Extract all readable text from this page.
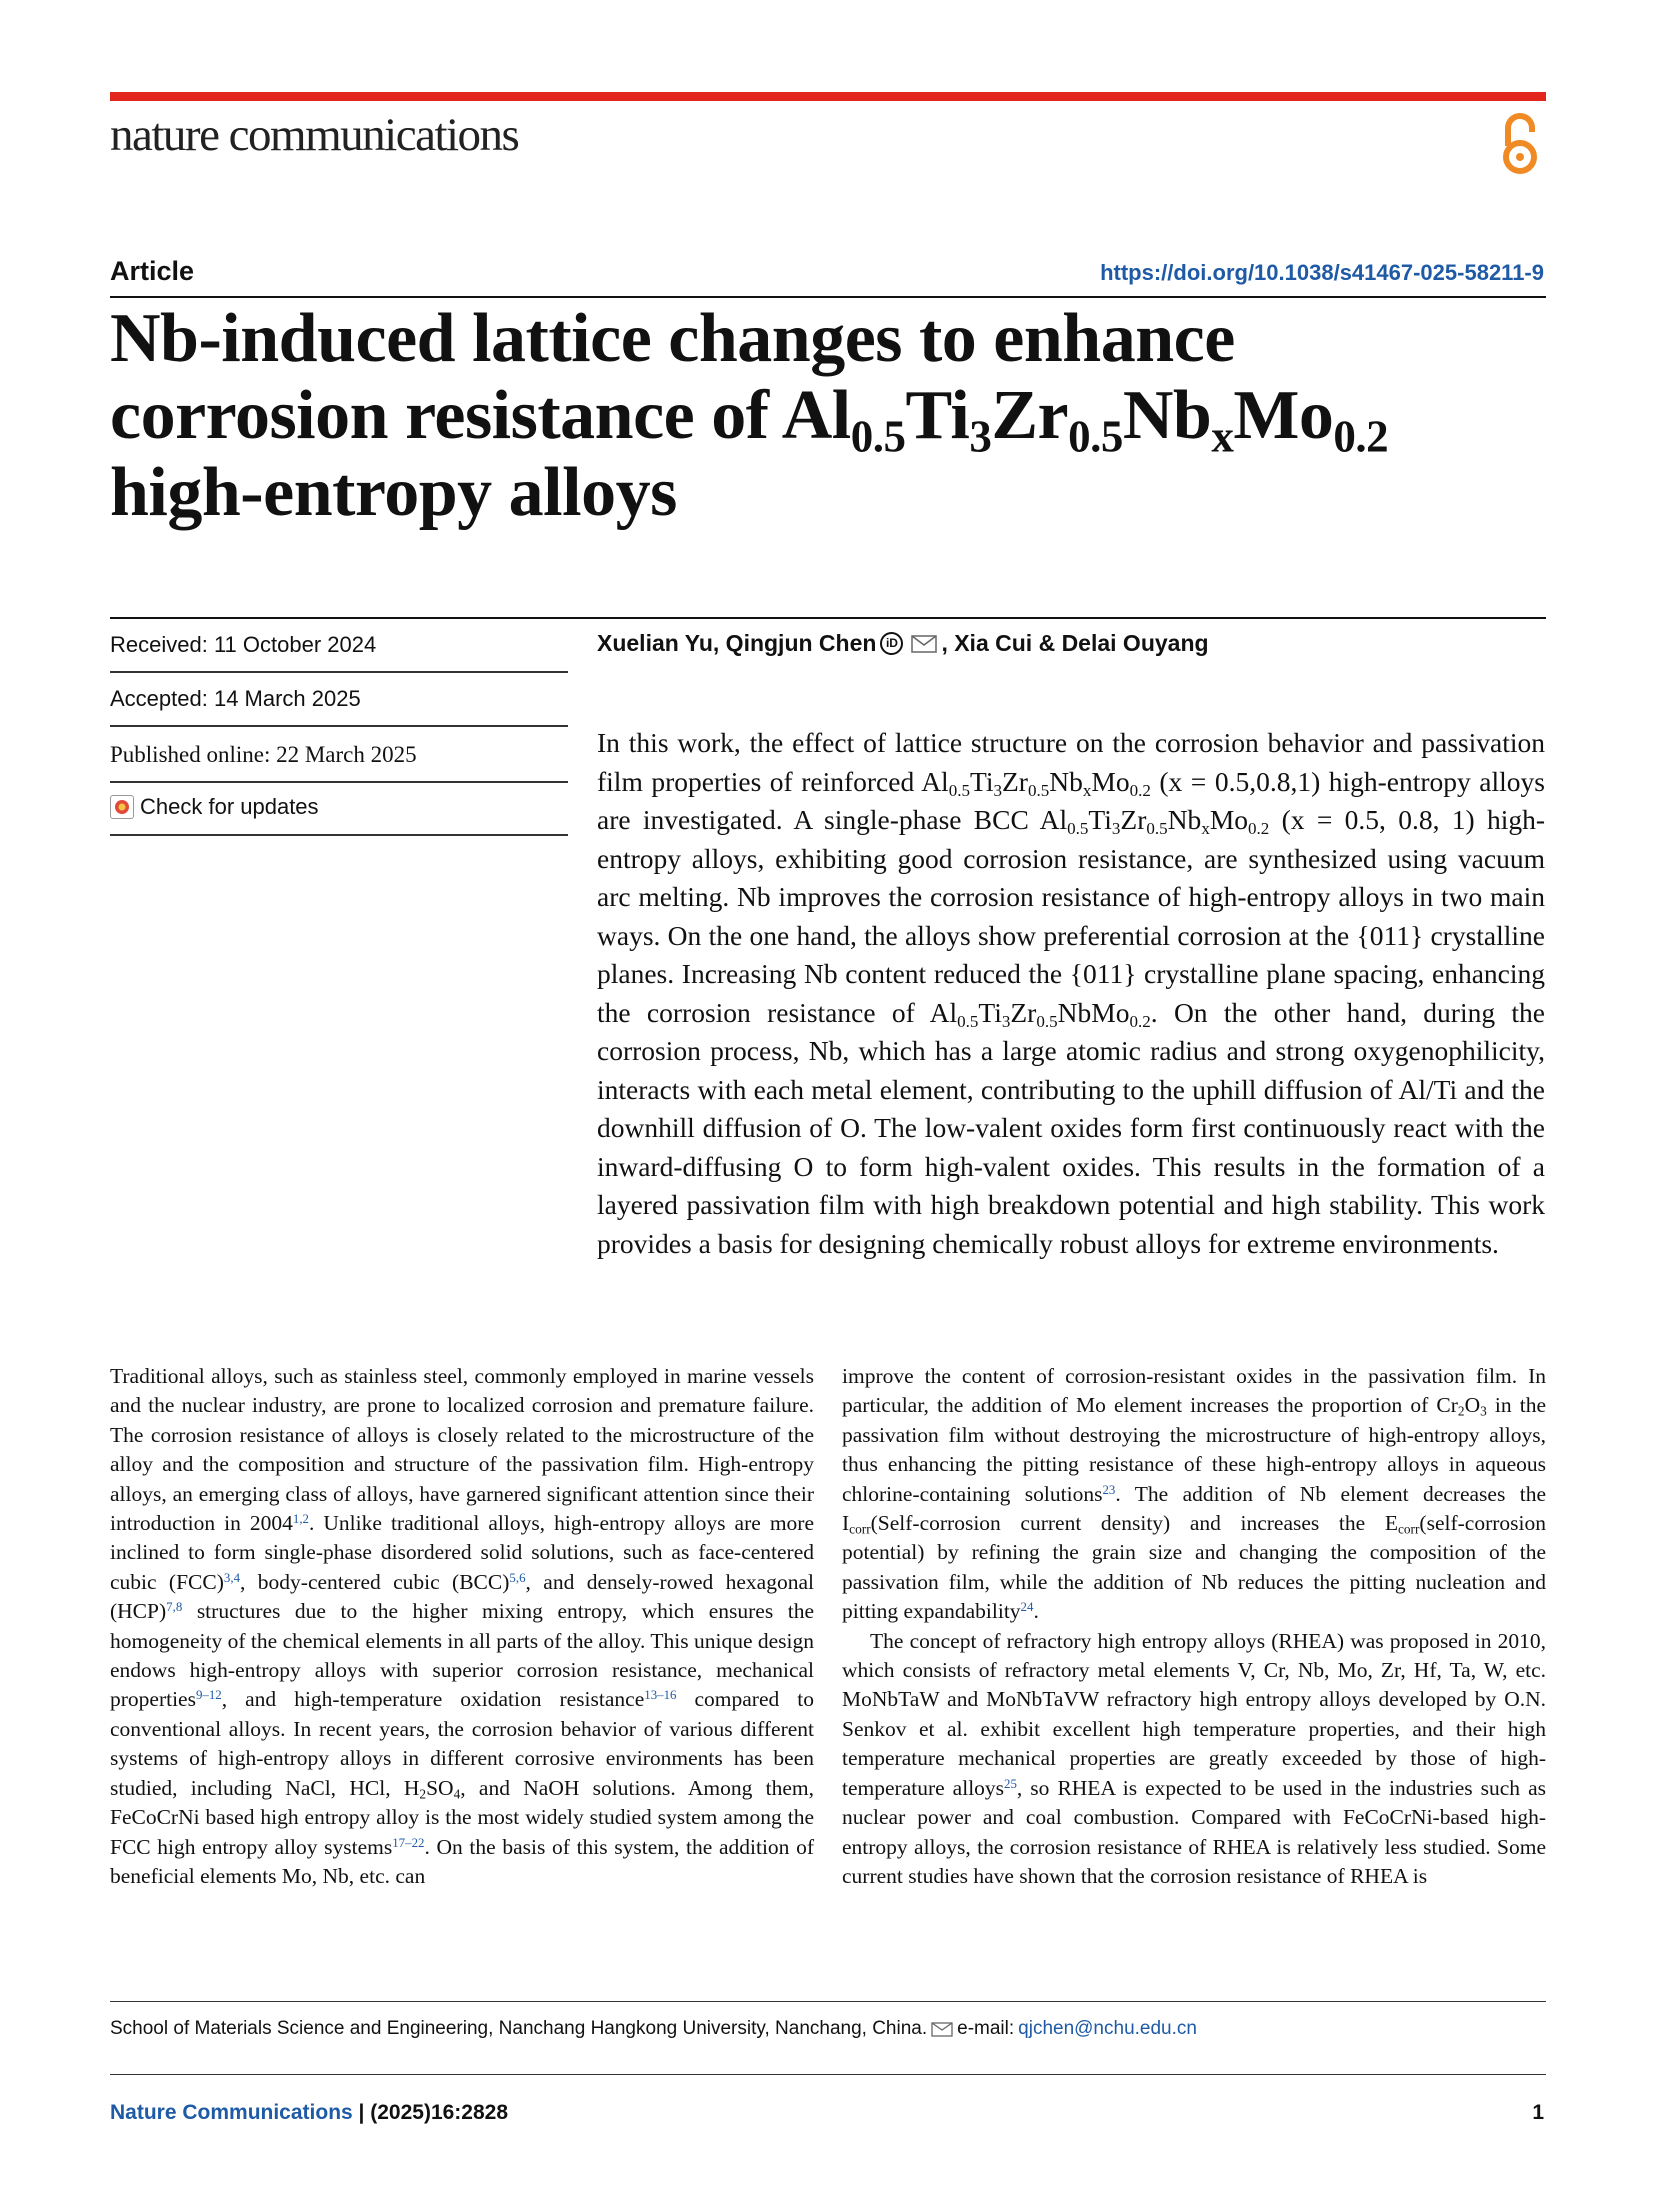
nature communications
Article	https://doi.org/10.1038/s41467-025-58211-9
Nb-induced lattice changes to enhance
corrosion resistance of $Al_{0.5}Ti_3Zr_{0.5}Nb_xMo_{0.2}$
high-entropy alloys
Received: 11 October 2024
Accepted: 14 March 2025
Published online: 22 March 2025
Check for updates
Xuelian Yu, Qingjun Chen iD , Xia Cui & Delai Ouyang

In this work, the effect of lattice structure on the corrosion behavior and passivation film properties of reinforced $Al_{0.5}Ti_3Zr_{0.5}Nb_xMo_{0.2}$ (x = 0.5,0.8,1) high-entropy alloys are investigated. A single-phase BCC $Al_{0.5}Ti_3Zr_{0.5}Nb_xMo_{0.2}$ (x = 0.5, 0.8, 1) high-entropy alloys, exhibiting good corrosion resistance, are synthesized using vacuum arc melting. Nb improves the corrosion resistance of high-entropy alloys in two main ways. On the one hand, the alloys show preferential corrosion at the {011} crystalline planes. Increasing Nb content reduced the {011} crystalline plane spacing, enhancing the corrosion resistance of $Al_{0.5}Ti_3Zr_{0.5}NbMo_{0.2}$. On the other hand, during the corrosion process, Nb, which has a large atomic radius and strong oxygenophilicity, interacts with each metal element, contributing to the uphill diffusion of Al/Ti and the downhill diffusion of O. The low-valent oxides form first continuously react with the inward-diffusing O to form high-valent oxides. This results in the formation of a layered passivation film with high breakdown potential and high stability. This work provides a basis for designing chemically robust alloys for extreme environments.

Traditional alloys, such as stainless steel, commonly employed in marine vessels and the nuclear industry, are prone to localized corrosion and premature failure. The corrosion resistance of alloys is closely related to the microstructure of the alloy and the composition and structure of the passivation film. High-entropy alloys, an emerging class of alloys, have garnered significant attention since their introduction in 2004$^{1,2}$. Unlike traditional alloys, high-entropy alloys are more inclined to form single-phase disordered solid solutions, such as face-centered cubic (FCC)$^{3,4}$, body-centered cubic (BCC)$^{5,6}$, and densely-rowed hexagonal (HCP)$^{7,8}$ structures due to the higher mixing entropy, which ensures the homogeneity of the chemical elements in all parts of the alloy. This unique design endows high-entropy alloys with superior corrosion resistance, mechanical properties$^{9-12}$, and high-temperature oxidation resistance$^{13-16}$ compared to conventional alloys. In recent years, the corrosion behavior of various different systems of high-entropy alloys in different corrosive environments has been studied, including NaCl, HCl, $H_2SO_4$, and NaOH solutions. Among them, FeCoCrNi based high entropy alloy is the most widely studied system among the FCC high entropy alloy systems$^{17-22}$. On the basis of this system, the addition of beneficial elements Mo, Nb, etc. can

improve the content of corrosion-resistant oxides in the passivation film. In particular, the addition of Mo element increases the proportion of $Cr_2O_3$ in the passivation film without destroying the microstructure of high-entropy alloys, thus enhancing the pitting resistance of these high-entropy alloys in aqueous chlorine-containing solutions$^{23}$. The addition of Nb element decreases the $I_{corr}(Self$-corrosion current density) and increases the $E_{corr}(self$-corrosion potential) by refining the grain size and changing the composition of the passivation film, while the addition of Nb reduces the pitting nucleation and pitting expandability$^{24}$.

The concept of refractory high entropy alloys (RHEA) was proposed in 2010, which consists of refractory metal elements V, Cr, Nb, Mo, Zr, Hf, Ta, W, etc. MoNbTaW and MoNbTaVW refractory high entropy alloys developed by O.N. Senkov et al. exhibit excellent high temperature properties, and their high temperature mechanical properties are greatly exceeded by those of high-temperature alloys$^{25}$, so RHEA is expected to be used in the industries such as nuclear power and coal combustion. Compared with FeCoCrNi-based high-entropy alloys, the corrosion resistance of RHEA is relatively less studied. Some current studies have shown that the corrosion resistance of RHEA is

School of Materials Science and Engineering, Nanchang Hangkong University, Nanchang, China. e-mail: qjchen@nchu.edu.cn
Nature Communications | (2025)16:2828	1
